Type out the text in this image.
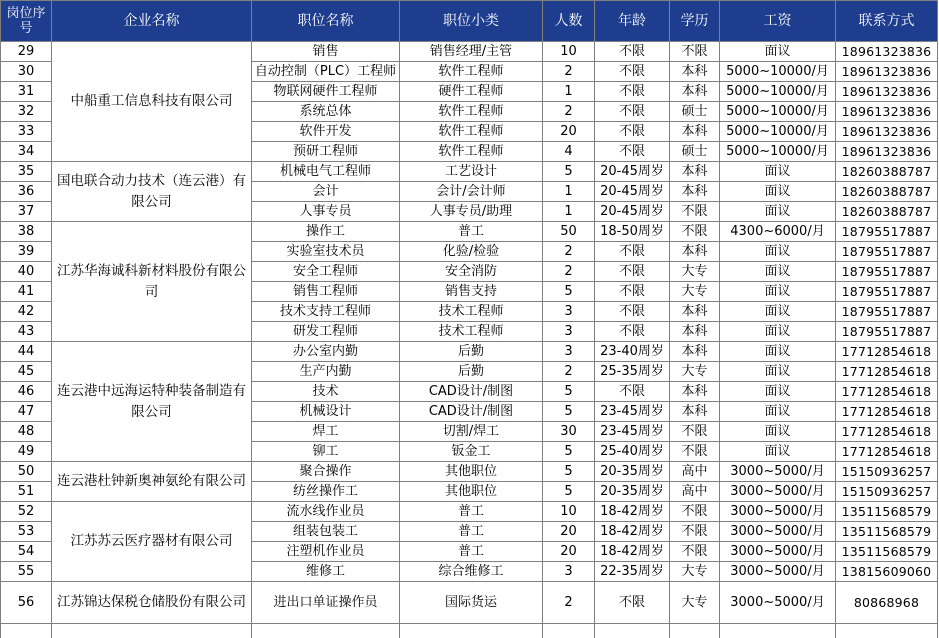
岗位序号	企业名称	职位名称	职位小类	人数	年龄	学历	工资	联系方式
29	中船重工信息科技有限公司	销售	销售经理/主管	10	不限	不限	面议	18961323836
30		自动控制（PLC）工程师	软件工程师	2	不限	本科	5000~10000/月	18961323836
31		物联网硬件工程师	硬件工程师	1	不限	本科	5000~10000/月	18961323836
32		系统总体	软件工程师	2	不限	硕士	5000~10000/月	18961323836
33		软件开发	软件工程师	20	不限	本科	5000~10000/月	18961323836
34		预研工程师	软件工程师	4	不限	硕士	5000~10000/月	18961323836
35	国电联合动力技术（连云港）有限公司	机械电气工程师	工艺设计	5	20-45周岁	本科	面议	18260388787
36		会计	会计/会计师	1	20-45周岁	本科	面议	18260388787
37		人事专员	人事专员/助理	1	20-45周岁	不限	面议	18260388787
38	江苏华海诚科新材料股份有限公司	操作工	普工	50	18-50周岁	不限	4300~6000/月	18795517887
39		实验室技术员	化验/检验	2	不限	本科	面议	18795517887
40		安全工程师	安全消防	2	不限	大专	面议	18795517887
41		销售工程师	销售支持	5	不限	大专	面议	18795517887
42		技术支持工程师	技术工程师	3	不限	本科	面议	18795517887
43		研发工程师	技术工程师	3	不限	本科	面议	18795517887
44	连云港中远海运特种装备制造有限公司	办公室内勤	后勤	3	23-40周岁	本科	面议	17712854618
45		生产内勤	后勤	2	25-35周岁	大专	面议	17712854618
46		技术	CAD设计/制图	5	不限	本科	面议	17712854618
47		机械设计	CAD设计/制图	5	23-45周岁	本科	面议	17712854618
48		焊工	切割/焊工	30	23-45周岁	不限	面议	17712854618
49		铆工	钣金工	5	25-40周岁	不限	面议	17712854618
50	连云港杜钟新奥神氨纶有限公司	聚合操作	其他职位	5	20-35周岁	高中	3000~5000/月	15150936257
51		纺丝操作工	其他职位	5	20-35周岁	高中	3000~5000/月	15150936257
52	江苏苏云医疗器材有限公司	流水线作业员	普工	10	18-42周岁	不限	3000~5000/月	13511568579
53		组装包装工	普工	20	18-42周岁	不限	3000~5000/月	13511568579
54		注塑机作业员	普工	20	18-42周岁	不限	3000~5000/月	13511568579
55		维修工	综合维修工	3	22-35周岁	大专	3000~5000/月	13815609060
56	江苏锦达保税仓储股份有限公司	进出口单证操作员	国际货运	2	不限	大专	3000~5000/月	80868968
